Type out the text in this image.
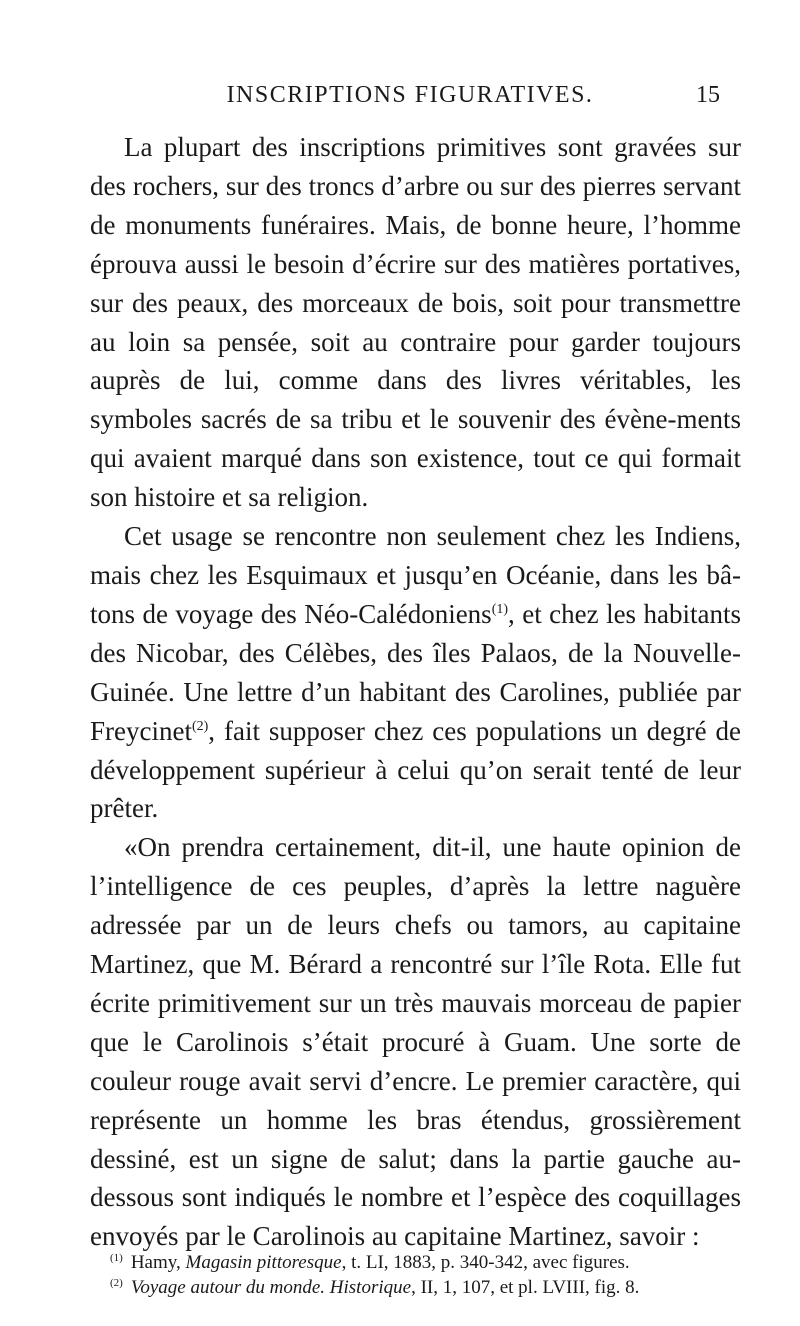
INSCRIPTIONS FIGURATIVES.	15

La plupart des inscriptions primitives sont gravées sur des rochers, sur des troncs d’arbre ou sur des pierres servant de monuments funéraires. Mais, de bonne heure, l’homme éprouva aussi le besoin d’écrire sur des matières portatives, sur des peaux, des morceaux de bois, soit pour transmettre au loin sa pensée, soit au contraire pour garder toujours auprès de lui, comme dans des livres véritables, les symboles sacrés de sa tribu et le souvenir des évène-ments qui avaient marqué dans son existence, tout ce qui formait son histoire et sa religion.

Cet usage se rencontre non seulement chez les Indiens, mais chez les Esquimaux et jusqu’en Océanie, dans les bâ-tons de voyage des Néo-Calédoniens$^{(1)}$, et chez les habitants des Nicobar, des Célèbes, des îles Palaos, de la Nouvelle-Guinée. Une lettre d’un habitant des Carolines, publiée par Freycinet$^{(2)}$, fait supposer chez ces populations un degré de développement supérieur à celui qu’on serait tenté de leur prêter.

«On prendra certainement, dit-il, une haute opinion de l’intelligence de ces peuples, d’après la lettre naguère adressée par un de leurs chefs ou tamors, au capitaine Martinez, que M. Bérard a rencontré sur l’île Rota. Elle fut écrite primitivement sur un très mauvais morceau de papier que le Carolinois s’était procuré à Guam. Une sorte de couleur rouge avait servi d’encre. Le premier caractère, qui représente un homme les bras étendus, grossièrement dessiné, est un signe de salut; dans la partie gauche au-dessous sont indiqués le nombre et l’espèce des coquillages envoyés par le Carolinois au capitaine Martinez, savoir :

$^{(1)}$ Hamy, Magasin pittoresque, t. LI, 1883, p. 340-342, avec figures.

$^{(2)}$ Voyage autour du monde. Historique, II, 1, 107, et pl. LVIII, fig. 8.
